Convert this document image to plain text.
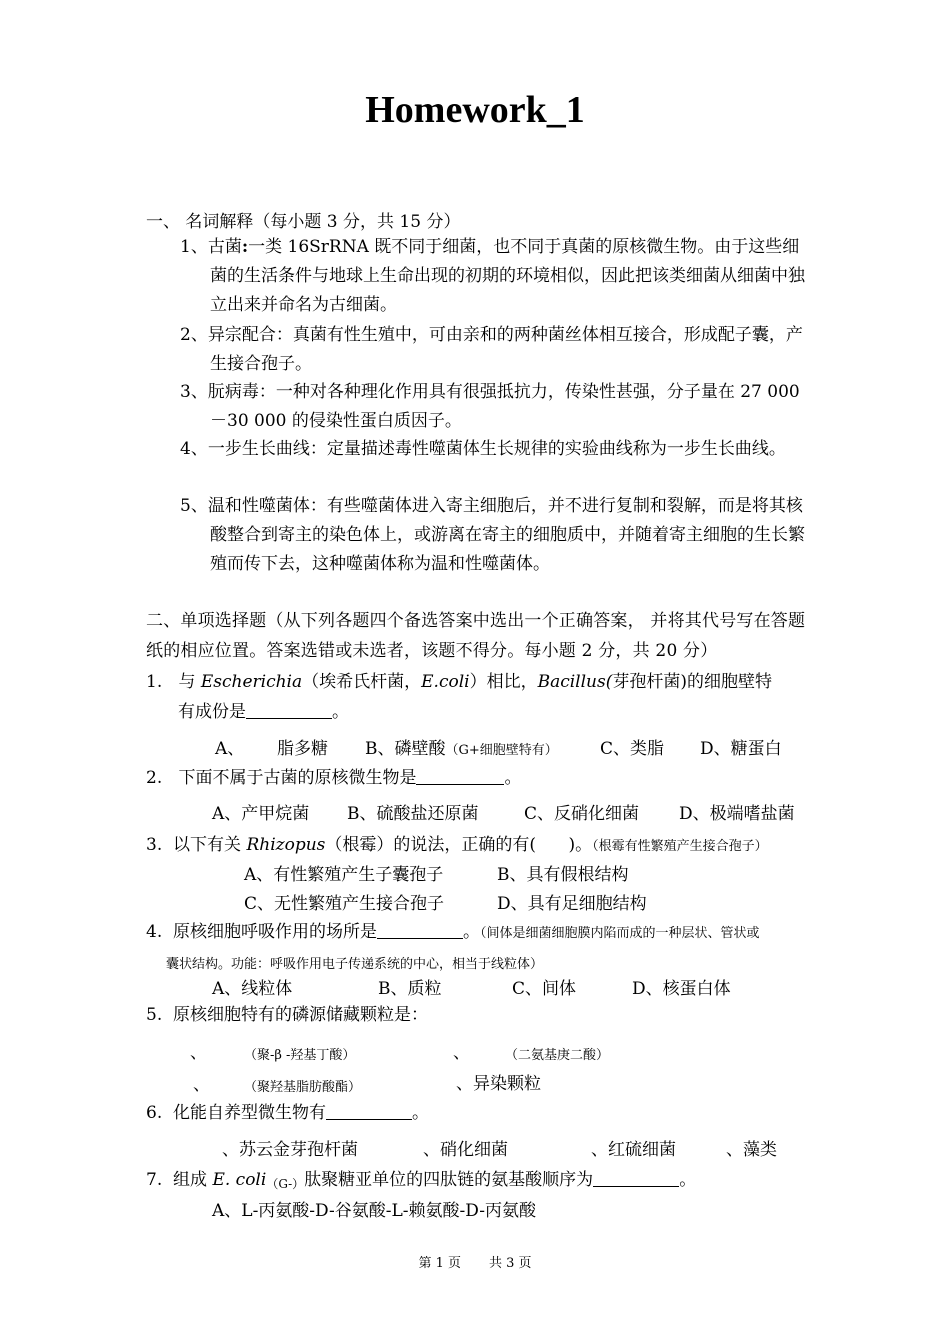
Homework_1
一、 名词解释（每小题 3 分，共 15 分）
1、古菌:一类 16SrRNA 既不同于细菌，也不同于真菌的原核微生物。由于这些细菌的生活条件与地球上生命出现的初期的环境相似，因此把该类细菌从细菌中独立出来并命名为古细菌。
2、异宗配合：真菌有性生殖中，可由亲和的两种菌丝体相互接合，形成配子囊，产生接合孢子。
3、朊病毒：一种对各种理化作用具有很强抵抗力，传染性甚强，分子量在 27 000－30 000 的侵染性蛋白质因子。
4、一步生长曲线：定量描述毒性噬菌体生长规律的实验曲线称为一步生长曲线。
5、温和性噬菌体：有些噬菌体进入寄主细胞后，并不进行复制和裂解，而是将其核酸整合到寄主的染色体上，或游离在寄主的细胞质中，并随着寄主细胞的生长繁殖而传下去，这种噬菌体称为温和性噬菌体。
二、单项选择题（从下列各题四个备选答案中选出一个正确答案， 并将其代号写在答题纸的相应位置。答案选错或未选者，该题不得分。每小题 2 分，共 20 分）
1. 与 Escherichia（埃希氏杆菌，E.coli）相比，Bacillus(芽孢杆菌)的细胞壁特
有成份是	。
A、 脂多糖 B、磷壁酸（G+细胞壁特有） C、类脂 D、糖蛋白
2. 下面不属于古菌的原核微生物是	。
A、产甲烷菌 B、硫酸盐还原菌	C、反硝化细菌 D、极端嗜盐菌
3. 以下有关 Rhizopus（根霉）的说法，正确的有( )。（根霉有性繁殖产生接合孢子）
A、有性繁殖产生子囊孢子	B、具有假根结构
C、无性繁殖产生接合孢子	D、具有足细胞结构
4. 原核细胞呼吸作用的场所是	。（间体是细菌细胞膜内陷而成的一种层状、管状或
囊状结构。功能：呼吸作用电子传递系统的中心，相当于线粒体）
A、线粒体	B、质粒	C、间体	D、核蛋白体
5. 原核细胞特有的磷源储藏颗粒是：
、	（聚-β -羟基丁酸）	、	（二氨基庚二酸）
、	（聚羟基脂肪酸酯）	、异染颗粒
6. 化能自养型微生物有	。
、苏云金芽孢杆菌	、硝化细菌	、红硫细菌	、藻类
7. 组成 E. coli（G-）肽聚糖亚单位的四肽链的氨基酸顺序为	。
A、L-丙氨酸-D-谷氨酸-L-赖氨酸-D-丙氨酸
第 1 页 共 3 页
